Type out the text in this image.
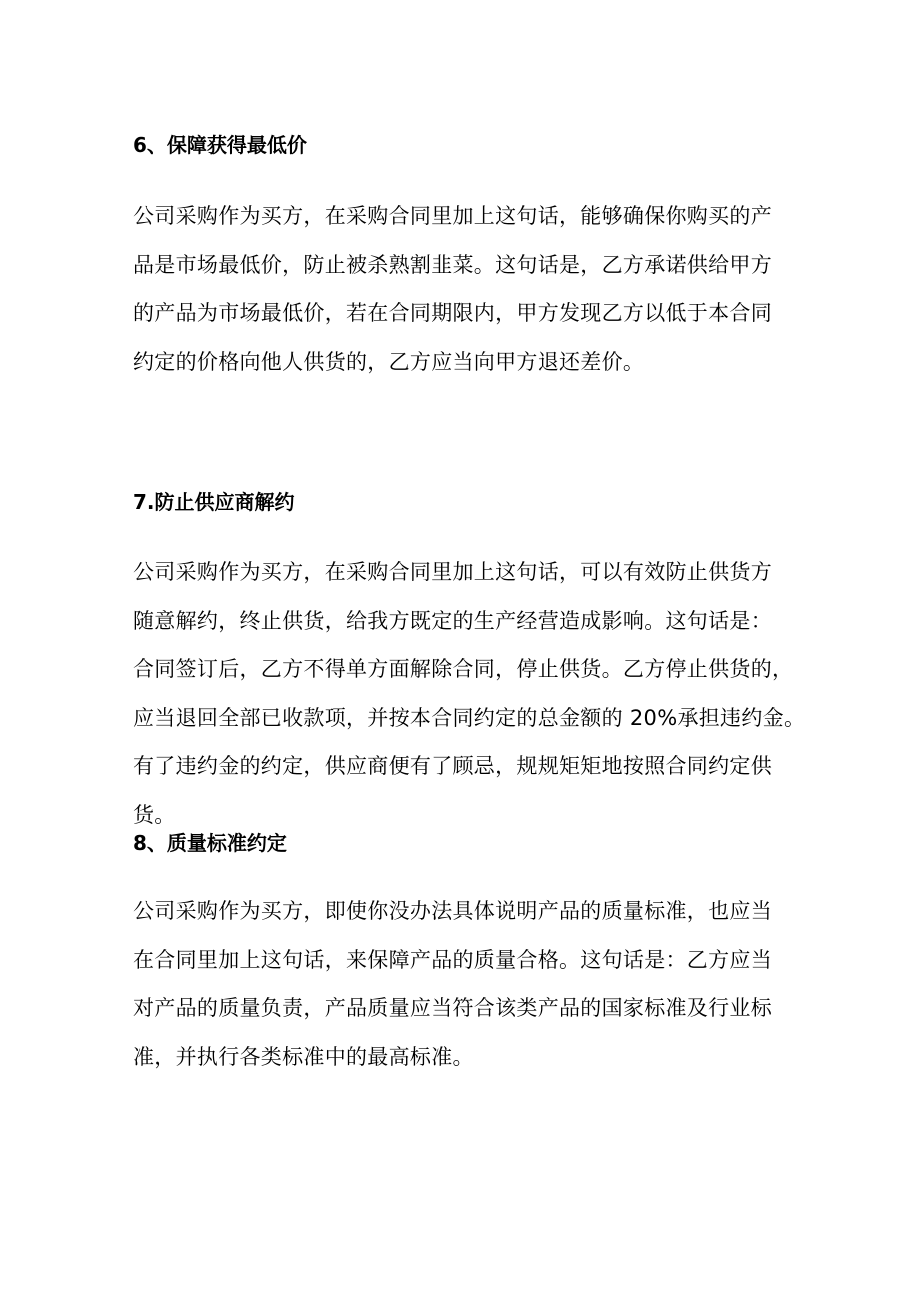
6、保障获得最低价
公司采购作为买方，在采购合同里加上这句话，能够确保你购买的产
品是市场最低价，防止被杀熟割韭菜。这句话是，乙方承诺供给甲方
的产品为市场最低价，若在合同期限内，甲方发现乙方以低于本合同
约定的价格向他人供货的，乙方应当向甲方退还差价。
7.防止供应商解约
公司采购作为买方，在采购合同里加上这句话，可以有效防止供货方
随意解约，终止供货，给我方既定的生产经营造成影响。这句话是：
合同签订后，乙方不得单方面解除合同，停止供货。乙方停止供货的，
应当退回全部已收款项，并按本合同约定的总金额的 20%承担违约金。
有了违约金的约定，供应商便有了顾忌，规规矩矩地按照合同约定供
货。
8、质量标准约定
公司采购作为买方，即使你没办法具体说明产品的质量标准，也应当
在合同里加上这句话，来保障产品的质量合格。这句话是：乙方应当
对产品的质量负责，产品质量应当符合该类产品的国家标准及行业标
准，并执行各类标准中的最高标准。
